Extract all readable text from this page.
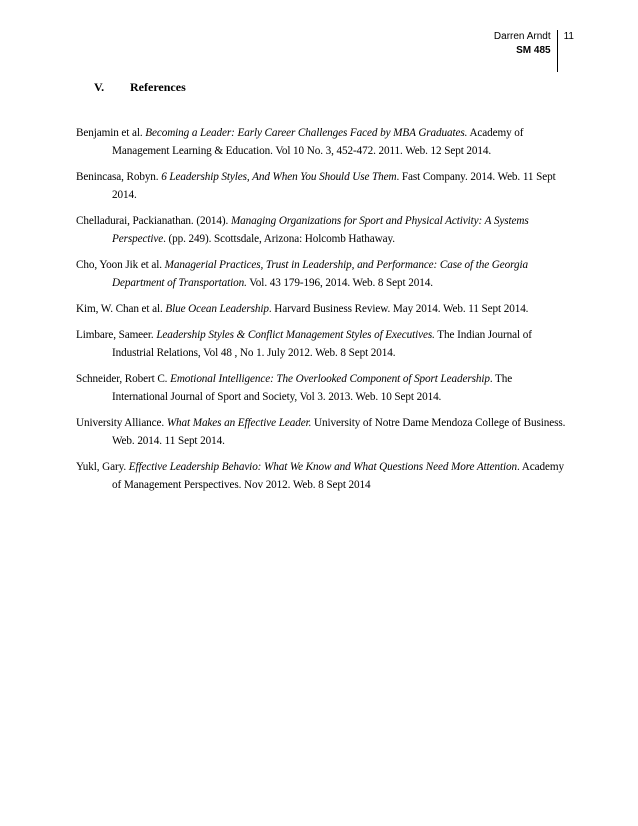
Darren Arndt
SM 485
11
V.	References

Benjamin et al. Becoming a Leader: Early Career Challenges Faced by MBA Graduates. Academy of Management Learning & Education. Vol 10 No. 3, 452-472. 2011. Web. 12 Sept 2014.

Benincasa, Robyn. 6 Leadership Styles, And When You Should Use Them. Fast Company. 2014. Web. 11 Sept 2014.

Chelladurai, Packianathan. (2014). Managing Organizations for Sport and Physical Activity: A Systems Perspective. (pp. 249). Scottsdale, Arizona: Holcomb Hathaway.

Cho, Yoon Jik et al. Managerial Practices, Trust in Leadership, and Performance: Case of the Georgia Department of Transportation. Vol. 43 179-196, 2014. Web. 8 Sept 2014.

Kim, W. Chan et al. Blue Ocean Leadership. Harvard Business Review. May 2014. Web. 11 Sept 2014.

Limbare, Sameer. Leadership Styles & Conflict Management Styles of Executives. The Indian Journal of Industrial Relations, Vol 48 , No 1. July 2012. Web. 8 Sept 2014.

Schneider, Robert C. Emotional Intelligence: The Overlooked Component of Sport Leadership. The International Journal of Sport and Society, Vol 3. 2013. Web. 10 Sept 2014.

University Alliance. What Makes an Effective Leader. University of Notre Dame Mendoza College of Business. Web. 2014. 11 Sept 2014.

Yukl, Gary. Effective Leadership Behavio: What We Know and What Questions Need More Attention. Academy of Management Perspectives. Nov 2012. Web. 8 Sept 2014
